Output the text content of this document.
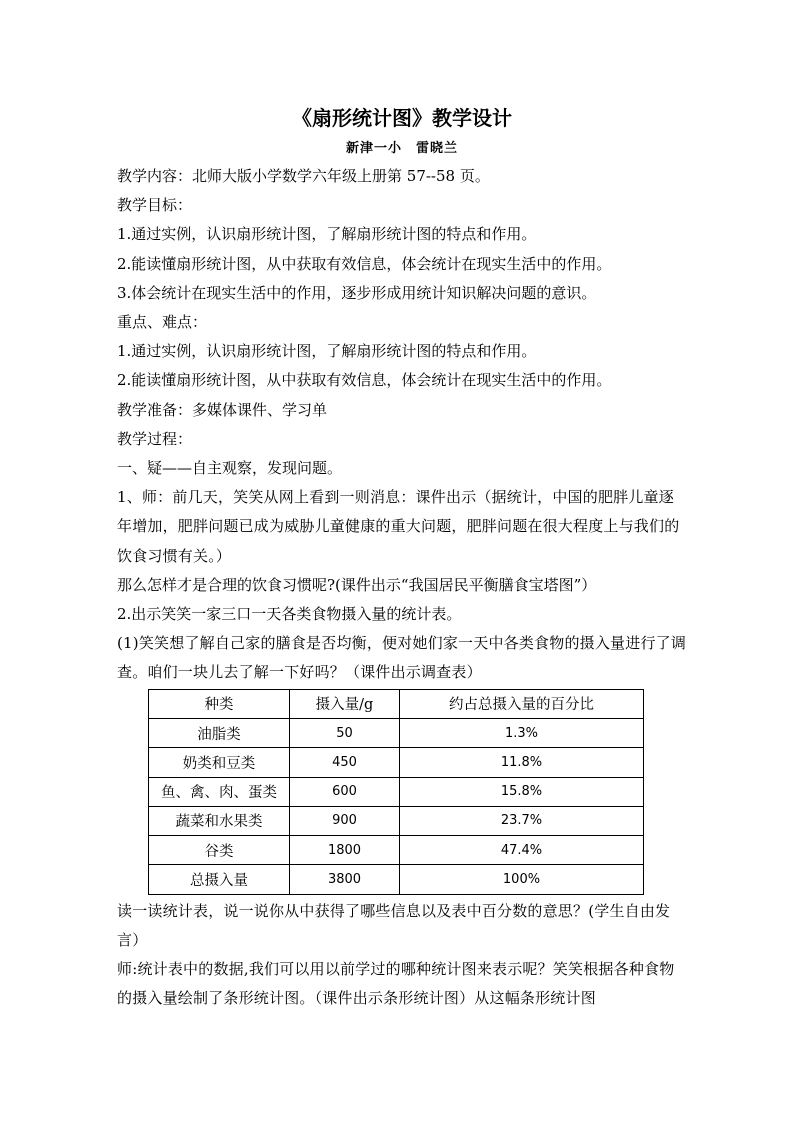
《扇形统计图》教学设计
新津一小　雷晓兰

教学内容：北师大版小学数学六年级上册第 57--58 页。

教学目标：

1.通过实例，认识扇形统计图，了解扇形统计图的特点和作用。

2.能读懂扇形统计图，从中获取有效信息，体会统计在现实生活中的作用。

3.体会统计在现实生活中的作用，逐步形成用统计知识解决问题的意识。

重点、难点：

1.通过实例，认识扇形统计图，了解扇形统计图的特点和作用。

2.能读懂扇形统计图，从中获取有效信息，体会统计在现实生活中的作用。

教学准备：多媒体课件、学习单

教学过程：

一、疑——自主观察，发现问题。

1、师：前几天，笑笑从网上看到一则消息：课件出示（据统计，中国的肥胖儿童逐年增加，肥胖问题已成为威胁儿童健康的重大问题，肥胖问题在很大程度上与我们的饮食习惯有关。）

那么怎样才是合理的饮食习惯呢?(课件出示“我国居民平衡膳食宝塔图”）

2.出示笑笑一家三口一天各类食物摄入量的统计表。

(1)笑笑想了解自己家的膳食是否均衡，便对她们家一天中各类食物的摄入量进行了调查。咱们一块儿去了解一下好吗？（课件出示调查表）

种类	摄入量/g	约占总摄入量的百分比
油脂类	50	1.3%
奶类和豆类	450	11.8%
鱼、禽、肉、蛋类	600	15.8%
蔬菜和水果类	900	23.7%
谷类	1800	47.4%
总摄入量	3800	100%

读一读统计表，说一说你从中获得了哪些信息以及表中百分数的意思？(学生自由发言）

师:统计表中的数据,我们可以用以前学过的哪种统计图来表示呢？笑笑根据各种食物的摄入量绘制了条形统计图。（课件出示条形统计图）从这幅条形统计图
